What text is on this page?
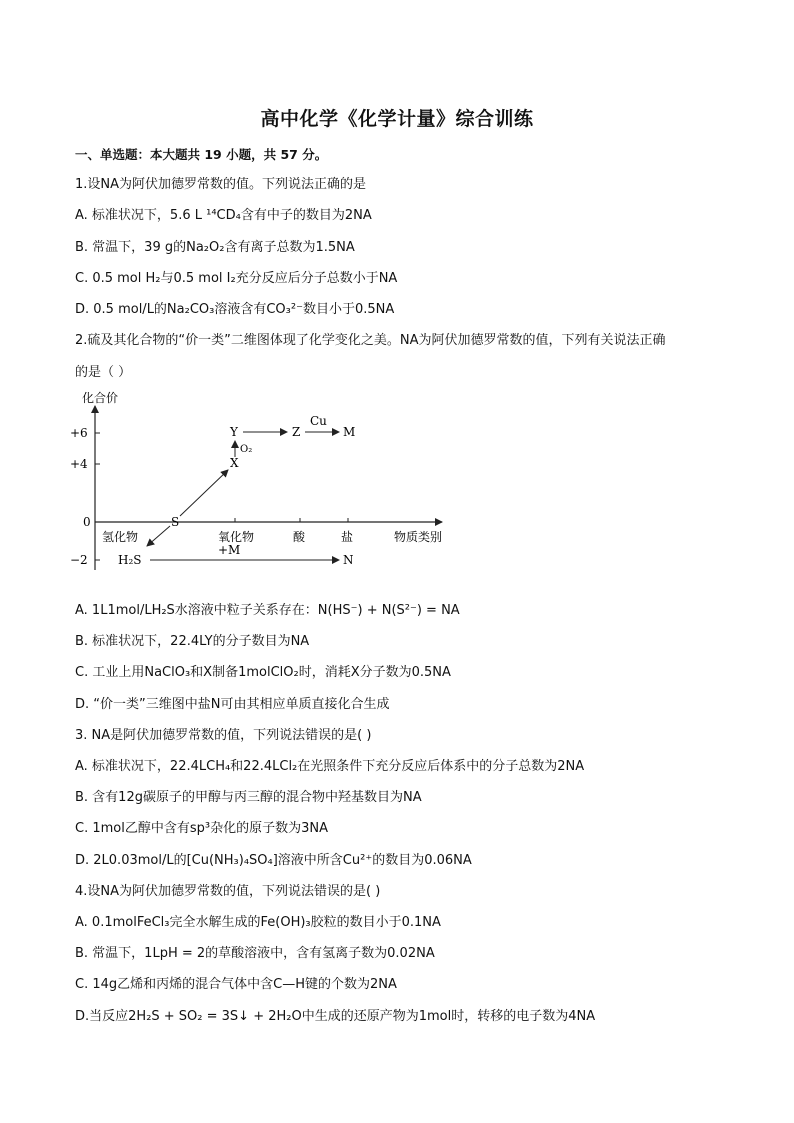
高中化学《化学计量》综合训练
一、单选题：本大题共 19 小题，共 57 分。
1.设NA为阿伏加德罗常数的值。下列说法正确的是
A. 标准状况下，5.6 L ¹⁴CD₄含有中子的数目为2NA
B. 常温下，39 g的Na₂O₂含有离子总数为1.5NA
C. 0.5 mol H₂与0.5 mol I₂充分反应后分子总数小于NA
D. 0.5 mol/L的Na₂CO₃溶液含有CO₃²⁻数目小于0.5NA
2.硫及其化合物的“价一类”二维图体现了化学变化之美。NA为阿伏加德罗常数的值，下列有关说法正确
的是（ ）
化合价
+6
+4
0
−2
氢化物	氧化物	酸	盐	物质类别
S
X
Y	Z	M
H₂S	N
O₂
Cu
+M
A. 1L1mol/LH₂S水溶液中粒子关系存在：N(HS⁻) + N(S²⁻) = NA
B. 标准状况下，22.4LY的分子数目为NA
C. 工业上用NaClO₃和X制备1molClO₂时，消耗X分子数为0.5NA
D. “价一类”三维图中盐N可由其相应单质直接化合生成
3. NA是阿伏加德罗常数的值，下列说法错误的是( )
A. 标准状况下，22.4LCH₄和22.4LCl₂在光照条件下充分反应后体系中的分子总数为2NA
B. 含有12g碳原子的甲醇与丙三醇的混合物中羟基数目为NA
C. 1mol乙醇中含有sp³杂化的原子数为3NA
D. 2L0.03mol/L的[Cu(NH₃)₄SO₄]溶液中所含Cu²⁺的数目为0.06NA
4.设NA为阿伏加德罗常数的值，下列说法错误的是( )
A. 0.1molFeCl₃完全水解生成的Fe(OH)₃胶粒的数目小于0.1NA
B. 常温下，1LpH = 2的草酸溶液中，含有氢离子数为0.02NA
C. 14g乙烯和丙烯的混合气体中含C—H键的个数为2NA
D.当反应2H₂S + SO₂ = 3S↓ + 2H₂O中生成的还原产物为1mol时，转移的电子数为4NA
